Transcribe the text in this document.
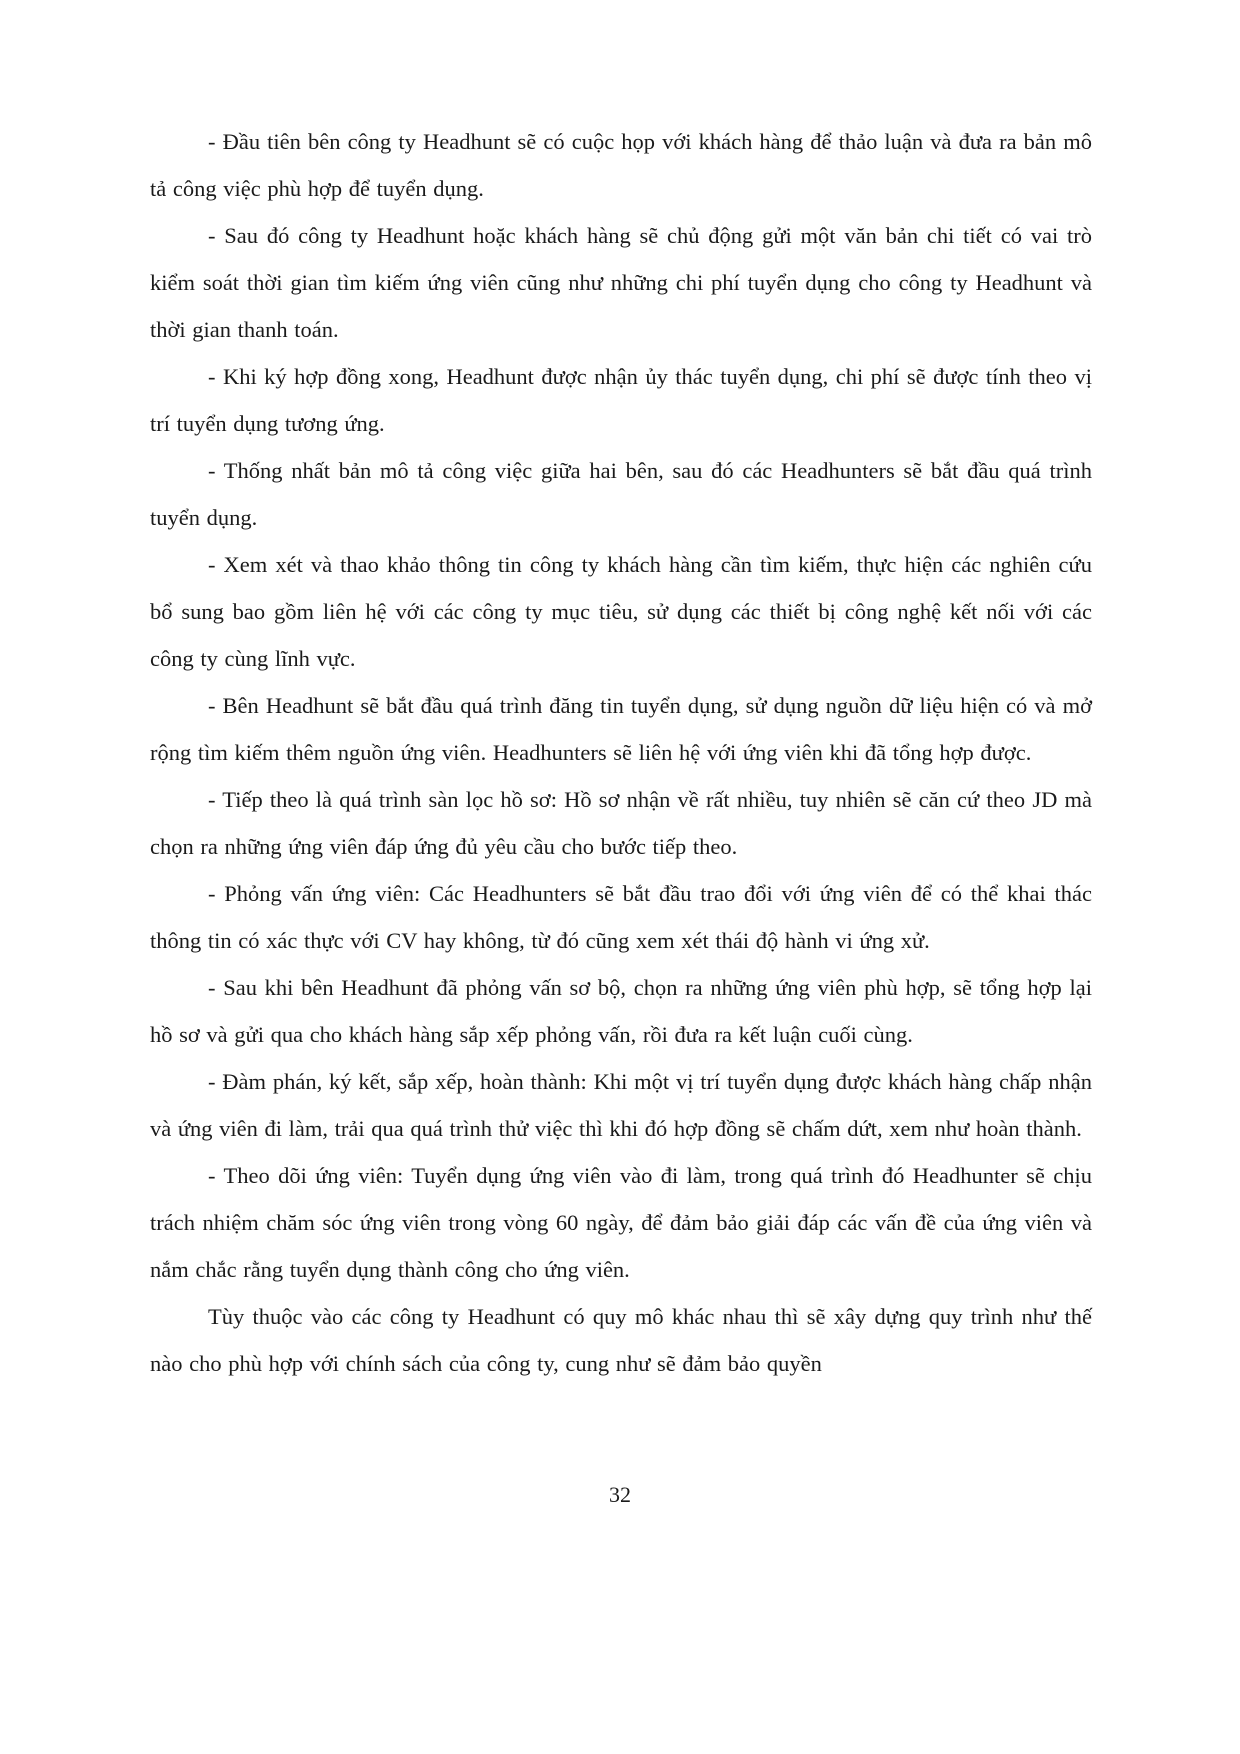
- Đầu tiên bên công ty Headhunt sẽ có cuộc họp với khách hàng để thảo luận và đưa ra bản mô tả công việc phù hợp để tuyển dụng.

- Sau đó công ty Headhunt hoặc khách hàng sẽ chủ động gửi một văn bản chi tiết có vai trò kiểm soát thời gian tìm kiếm ứng viên cũng như những chi phí tuyển dụng cho công ty Headhunt và thời gian thanh toán.

- Khi ký hợp đồng xong, Headhunt được nhận ủy thác tuyển dụng, chi phí sẽ được tính theo vị trí tuyển dụng tương ứng.

- Thống nhất bản mô tả công việc giữa hai bên, sau đó các Headhunters sẽ bắt đầu quá trình tuyển dụng.

- Xem xét và thao khảo thông tin công ty khách hàng cần tìm kiếm, thực hiện các nghiên cứu bổ sung bao gồm liên hệ với các công ty mục tiêu, sử dụng các thiết bị công nghệ kết nối với các công ty cùng lĩnh vực.

- Bên Headhunt sẽ bắt đầu quá trình đăng tin tuyển dụng, sử dụng nguồn dữ liệu hiện có và mở rộng tìm kiếm thêm nguồn ứng viên. Headhunters sẽ liên hệ với ứng viên khi đã tổng hợp được.

- Tiếp theo là quá trình sàn lọc hồ sơ: Hồ sơ nhận về rất nhiều, tuy nhiên sẽ căn cứ theo JD mà chọn ra những ứng viên đáp ứng đủ yêu cầu cho bước tiếp theo.

- Phỏng vấn ứng viên: Các Headhunters sẽ bắt đầu trao đổi với ứng viên để có thể khai thác thông tin có xác thực với CV hay không, từ đó cũng xem xét thái độ hành vi ứng xử.

- Sau khi bên Headhunt đã phỏng vấn sơ bộ, chọn ra những ứng viên phù hợp, sẽ tổng hợp lại hồ sơ và gửi qua cho khách hàng sắp xếp phỏng vấn, rồi đưa ra kết luận cuối cùng.

- Đàm phán, ký kết, sắp xếp, hoàn thành: Khi một vị trí tuyển dụng được khách hàng chấp nhận và ứng viên đi làm, trải qua quá trình thử việc thì khi đó hợp đồng sẽ chấm dứt, xem như hoàn thành.

- Theo dõi ứng viên: Tuyển dụng ứng viên vào đi làm, trong quá trình đó Headhunter sẽ chịu trách nhiệm chăm sóc ứng viên trong vòng 60 ngày, để đảm bảo giải đáp các vấn đề của ứng viên và nắm chắc rằng tuyển dụng thành công cho ứng viên.

Tùy thuộc vào các công ty Headhunt có quy mô khác nhau thì sẽ xây dựng quy trình như thế nào cho phù hợp với chính sách của công ty, cung như sẽ đảm bảo quyền

32
